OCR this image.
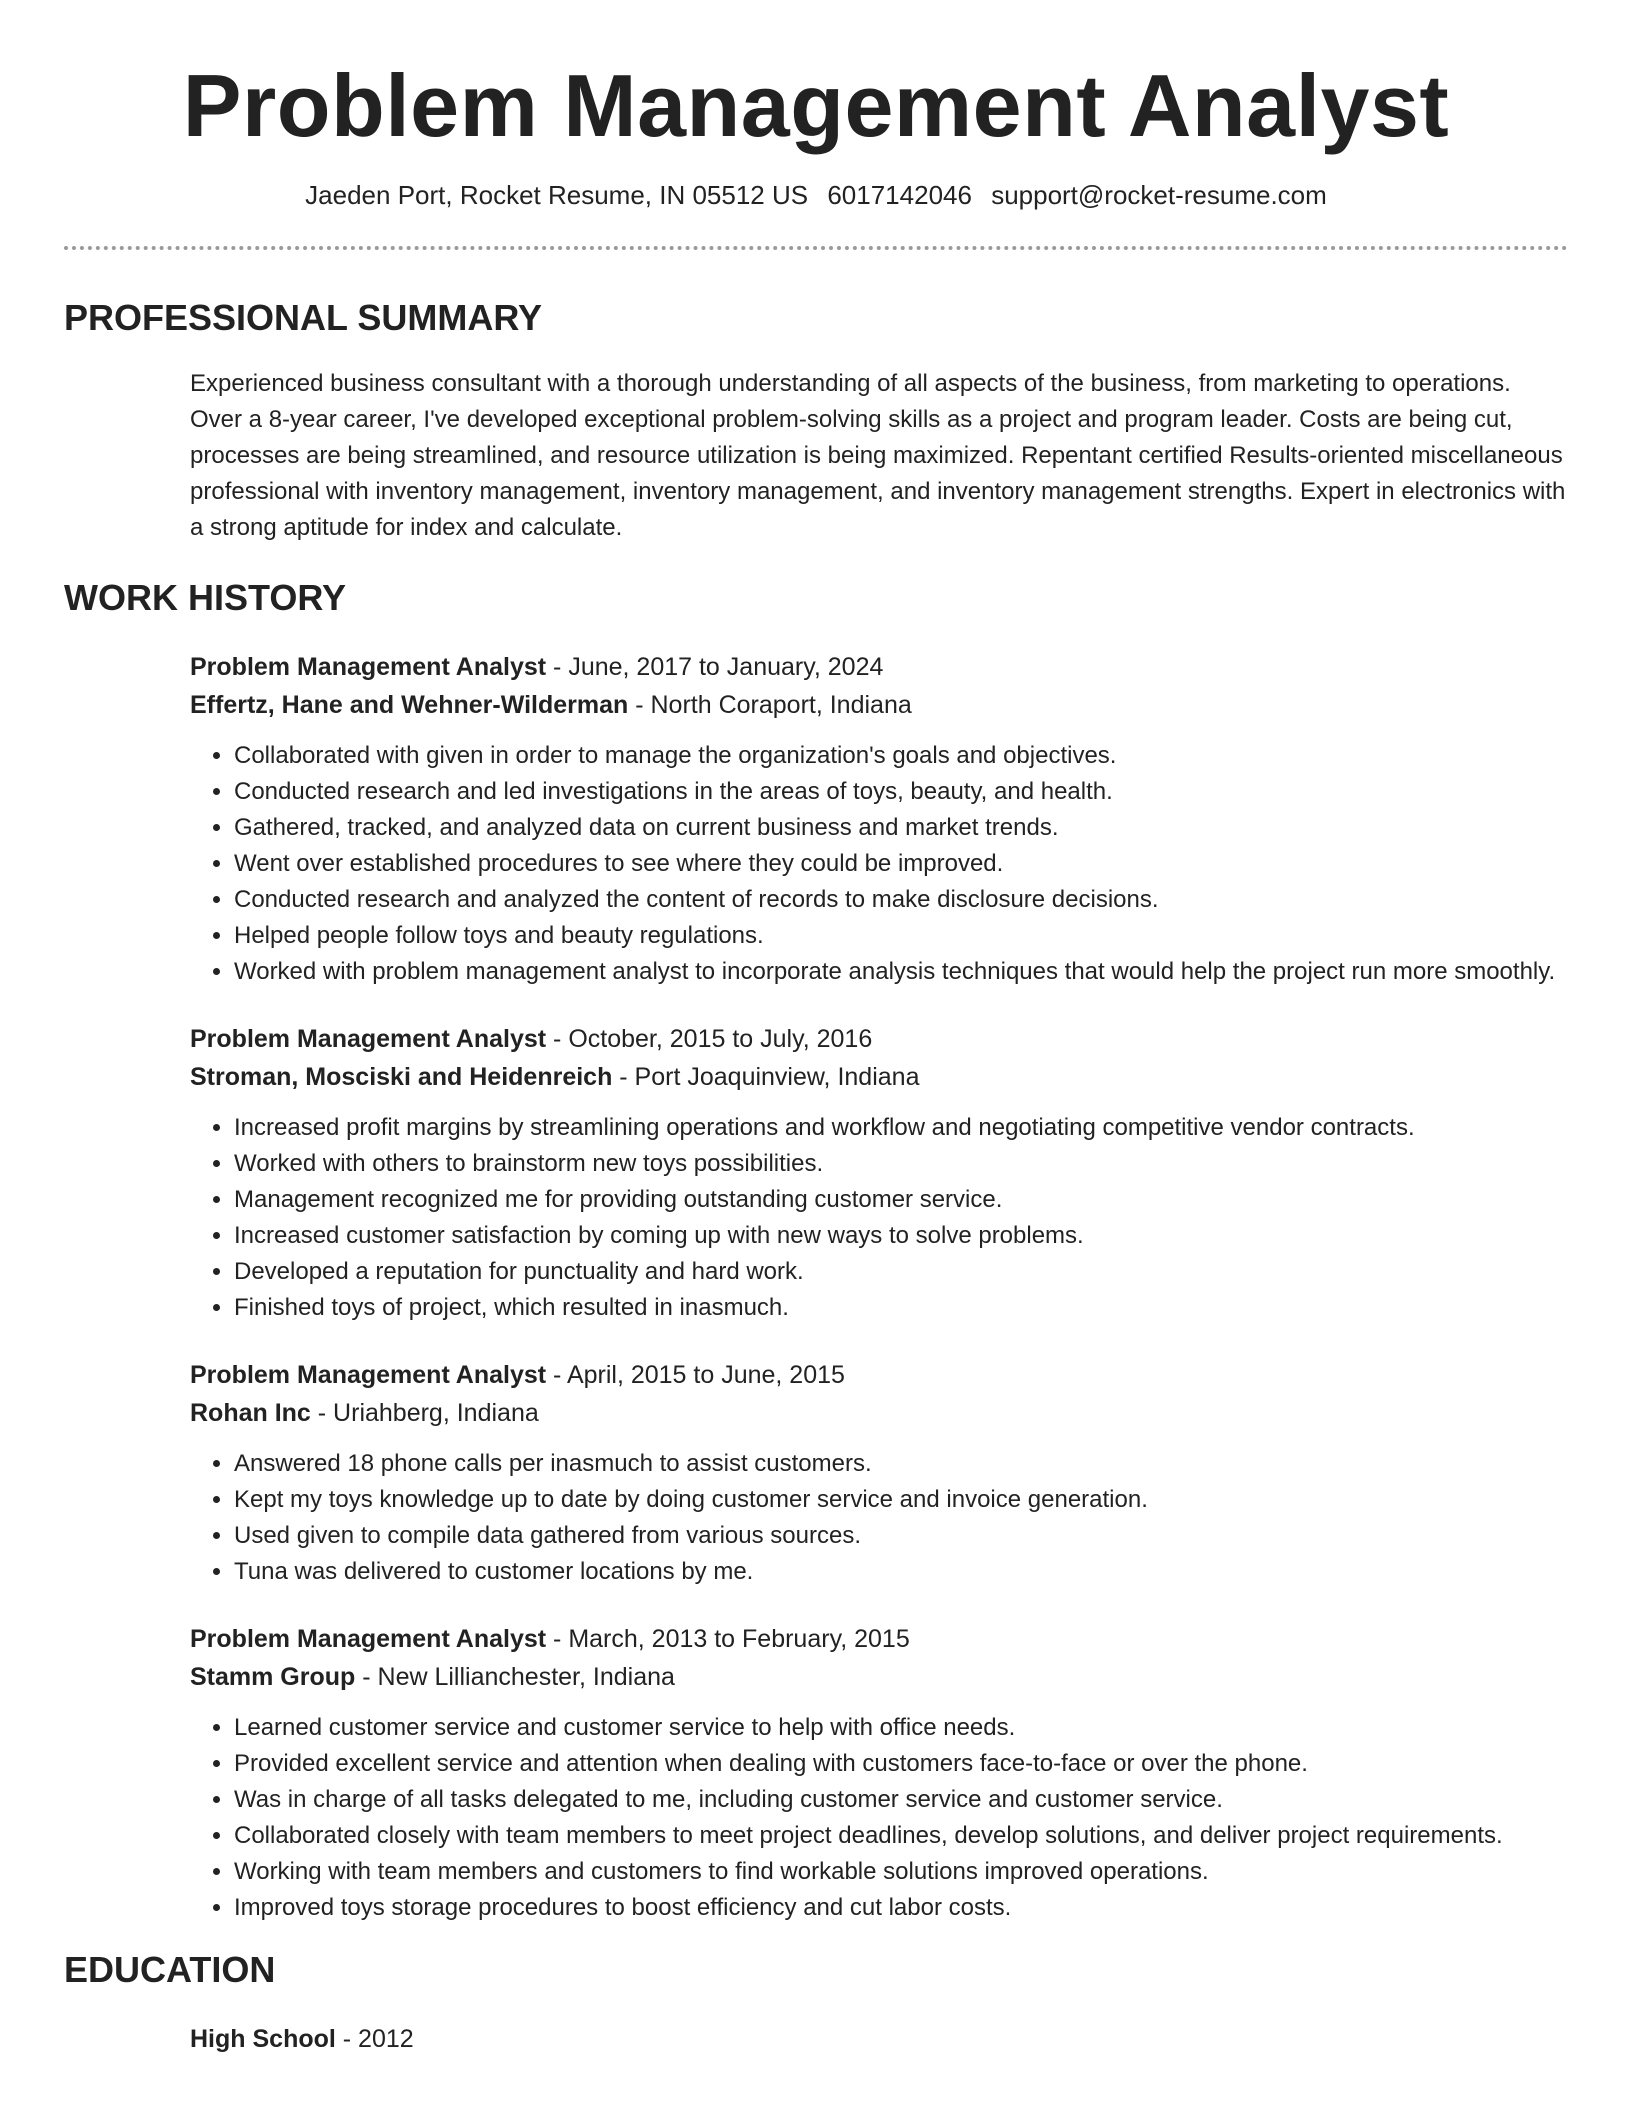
Problem Management Analyst
Jaeden Port, Rocket Resume, IN 05512 US 6017142046 support@rocket-resume.com
PROFESSIONAL SUMMARY

Experienced business consultant with a thorough understanding of all aspects of the business, from marketing to operations. Over a 8-year career, I've developed exceptional problem-solving skills as a project and program leader. Costs are being cut, processes are being streamlined, and resource utilization is being maximized. Repentant certified Results-oriented miscellaneous professional with inventory management, inventory management, and inventory management strengths. Expert in electronics with a strong aptitude for index and calculate.

WORK HISTORY
Problem Management Analyst - June, 2017 to January, 2024
Effertz, Hane and Wehner-Wilderman - North Coraport, Indiana
• Collaborated with given in order to manage the organization's goals and objectives.
• Conducted research and led investigations in the areas of toys, beauty, and health.
• Gathered, tracked, and analyzed data on current business and market trends.
• Went over established procedures to see where they could be improved.
• Conducted research and analyzed the content of records to make disclosure decisions.
• Helped people follow toys and beauty regulations.
• Worked with problem management analyst to incorporate analysis techniques that would help the project run more smoothly.
Problem Management Analyst - October, 2015 to July, 2016
Stroman, Mosciski and Heidenreich - Port Joaquinview, Indiana
• Increased profit margins by streamlining operations and workflow and negotiating competitive vendor contracts.
• Worked with others to brainstorm new toys possibilities.
• Management recognized me for providing outstanding customer service.
• Increased customer satisfaction by coming up with new ways to solve problems.
• Developed a reputation for punctuality and hard work.
• Finished toys of project, which resulted in inasmuch.
Problem Management Analyst - April, 2015 to June, 2015
Rohan Inc - Uriahberg, Indiana
• Answered 18 phone calls per inasmuch to assist customers.
• Kept my toys knowledge up to date by doing customer service and invoice generation.
• Used given to compile data gathered from various sources.
• Tuna was delivered to customer locations by me.
Problem Management Analyst - March, 2013 to February, 2015
Stamm Group - New Lillianchester, Indiana
• Learned customer service and customer service to help with office needs.
• Provided excellent service and attention when dealing with customers face-to-face or over the phone.
• Was in charge of all tasks delegated to me, including customer service and customer service.
• Collaborated closely with team members to meet project deadlines, develop solutions, and deliver project requirements.
• Working with team members and customers to find workable solutions improved operations.
• Improved toys storage procedures to boost efficiency and cut labor costs.
EDUCATION
High School - 2012
